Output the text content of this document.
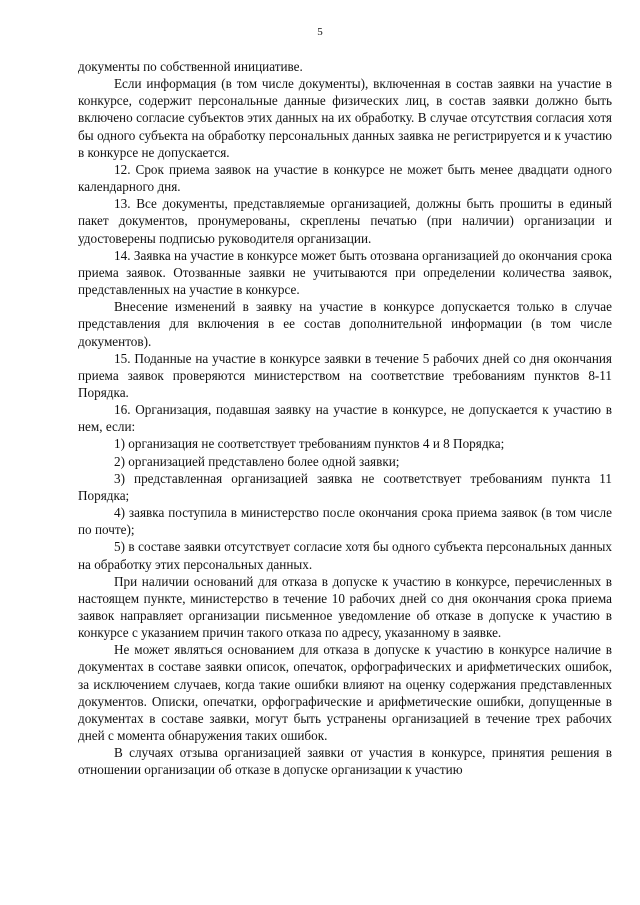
5

документы по собственной инициативе.

Если информация (в том числе документы), включенная в состав заявки на участие в конкурсе, содержит персональные данные физических лиц, в состав заявки должно быть включено согласие субъектов этих данных на их обработку. В случае отсутствия согласия хотя бы одного субъекта на обработку персональных данных заявка не регистрируется и к участию в конкурсе не допускается.

12. Срок приема заявок на участие в конкурсе не может быть менее двадцати одного календарного дня.

13. Все документы, представляемые организацией, должны быть прошиты в единый пакет документов, пронумерованы, скреплены печатью (при наличии) организации и удостоверены подписью руководителя организации.

14. Заявка на участие в конкурсе может быть отозвана организацией до окончания срока приема заявок. Отозванные заявки не учитываются при определении количества заявок, представленных на участие в конкурсе.

Внесение изменений в заявку на участие в конкурсе допускается только в случае представления для включения в ее состав дополнительной информации (в том числе документов).

15. Поданные на участие в конкурсе заявки в течение 5 рабочих дней со дня окончания приема заявок проверяются министерством на соответствие требованиям пунктов 8-11 Порядка.

16. Организация, подавшая заявку на участие в конкурсе, не допускается к участию в нем, если:

1) организация не соответствует требованиям пунктов 4 и 8 Порядка;

2) организацией представлено более одной заявки;

3) представленная организацией заявка не соответствует требованиям пункта 11 Порядка;

4) заявка поступила в министерство после окончания срока приема заявок (в том числе по почте);

5) в составе заявки отсутствует согласие хотя бы одного субъекта персональных данных на обработку этих персональных данных.

При наличии оснований для отказа в допуске к участию в конкурсе, перечисленных в настоящем пункте, министерство в течение 10 рабочих дней со дня окончания срока приема заявок направляет организации письменное уведомление об отказе в допуске к участию в конкурсе с указанием причин такого отказа по адресу, указанному в заявке.

Не может являться основанием для отказа в допуске к участию в конкурсе наличие в документах в составе заявки описок, опечаток, орфографических и арифметических ошибок, за исключением случаев, когда такие ошибки влияют на оценку содержания представленных документов. Описки, опечатки, орфографические и арифметические ошибки, допущенные в документах в составе заявки, могут быть устранены организацией в течение трех рабочих дней с момента обнаружения таких ошибок.

В случаях отзыва организацией заявки от участия в конкурсе, принятия решения в отношении организации об отказе в допуске организации к участию
